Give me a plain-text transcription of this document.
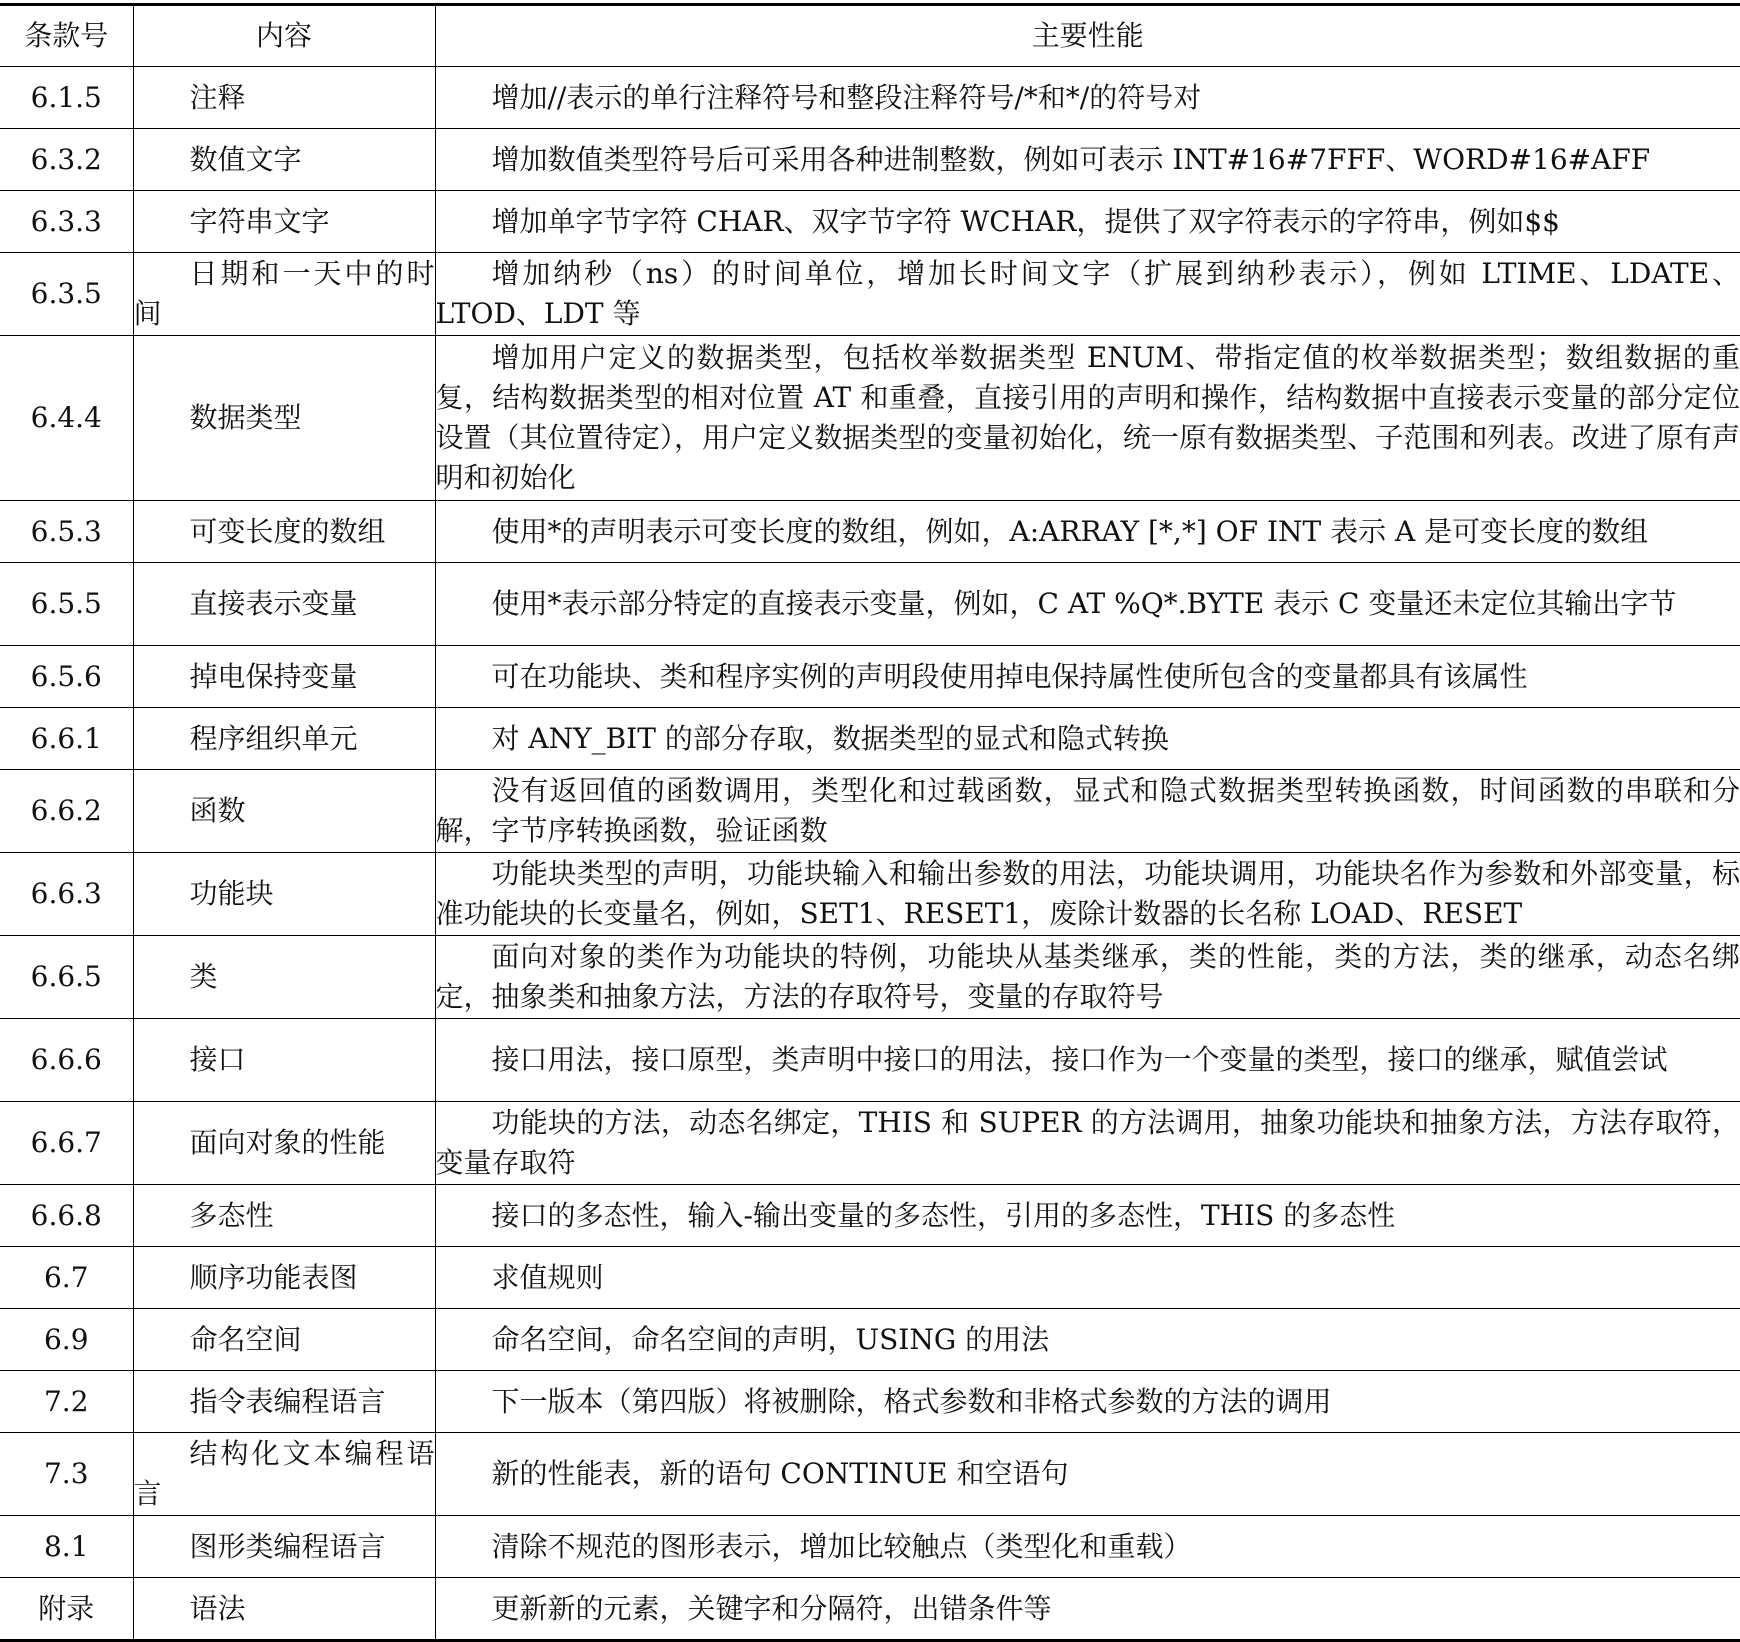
条款号	内容	主要性能
6.1.5	注释	增加//表示的单行注释符号和整段注释符号/*和*/的符号对
6.3.2	数值文字	增加数值类型符号后可采用各种进制整数，例如可表示 INT#16#7FFF、WORD#16#AFF
6.3.3	字符串文字	增加单字节字符 CHAR、双字节字符 WCHAR，提供了双字符表示的字符串，例如$$
6.3.5	日期和一天中的时间	增加纳秒（ns）的时间单位，增加长时间文字（扩展到纳秒表示），例如 LTIME、LDATE、LTOD、LDT 等
6.4.4	数据类型	增加用户定义的数据类型，包括枚举数据类型 ENUM、带指定值的枚举数据类型；数组数据的重复，结构数据类型的相对位置 AT 和重叠，直接引用的声明和操作，结构数据中直接表示变量的部分定位设置（其位置待定），用户定义数据类型的变量初始化，统一原有数据类型、子范围和列表。改进了原有声明和初始化
6.5.3	可变长度的数组	使用*的声明表示可变长度的数组，例如，A:ARRAY [*,*] OF INT 表示 A 是可变长度的数组
6.5.5	直接表示变量	使用*表示部分特定的直接表示变量，例如，C AT %Q*.BYTE 表示 C 变量还未定位其输出字节
6.5.6	掉电保持变量	可在功能块、类和程序实例的声明段使用掉电保持属性使所包含的变量都具有该属性
6.6.1	程序组织单元	对 ANY_BIT 的部分存取，数据类型的显式和隐式转换
6.6.2	函数	没有返回值的函数调用，类型化和过载函数，显式和隐式数据类型转换函数，时间函数的串联和分解，字节序转换函数，验证函数
6.6.3	功能块	功能块类型的声明，功能块输入和输出参数的用法，功能块调用，功能块名作为参数和外部变量，标准功能块的长变量名，例如，SET1、RESET1，废除计数器的长名称 LOAD、RESET
6.6.5	类	面向对象的类作为功能块的特例，功能块从基类继承，类的性能，类的方法，类的继承，动态名绑定，抽象类和抽象方法，方法的存取符号，变量的存取符号
6.6.6	接口	接口用法，接口原型，类声明中接口的用法，接口作为一个变量的类型，接口的继承，赋值尝试
6.6.7	面向对象的性能	功能块的方法，动态名绑定，THIS 和 SUPER 的方法调用，抽象功能块和抽象方法，方法存取符，变量存取符
6.6.8	多态性	接口的多态性，输入-输出变量的多态性，引用的多态性，THIS 的多态性
6.7	顺序功能表图	求值规则
6.9	命名空间	命名空间，命名空间的声明，USING 的用法
7.2	指令表编程语言	下一版本（第四版）将被删除，格式参数和非格式参数的方法的调用
7.3	结构化文本编程语言	新的性能表，新的语句 CONTINUE 和空语句
8.1	图形类编程语言	清除不规范的图形表示，增加比较触点（类型化和重载）
附录	语法	更新新的元素，关键字和分隔符，出错条件等
